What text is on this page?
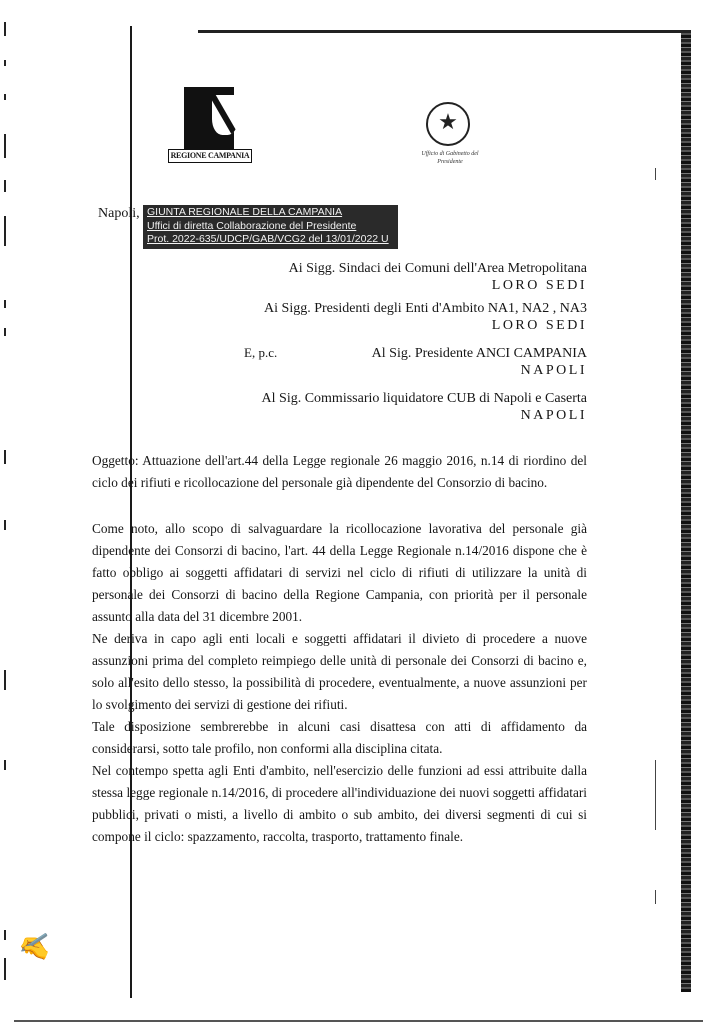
REGIONE CAMPANIA
★
Ufficio di Gabinetto del Presidente
Napoli, GIUNTA REGIONALE DELLA CAMPANIA
Uffici di diretta Collaborazione del Presidente
Prot. 2022-635/UDCP/GAB/VCG2 del 13/01/2022 U
Ai Sigg. Sindaci dei Comuni dell'Area Metropolitana
LORO SEDI
Ai Sigg. Presidenti degli Enti d'Ambito NA1, NA2 , NA3
LORO SEDI
E, p.c.	Al Sig. Presidente ANCI CAMPANIA
NAPOLI
Al Sig. Commissario liquidatore CUB di Napoli e Caserta
NAPOLI

Oggetto: Attuazione dell'art.44 della Legge regionale 26 maggio 2016, n.14 di riordino del ciclo dei rifiuti e ricollocazione del personale già dipendente del Consorzio di bacino.

Come noto, allo scopo di salvaguardare la ricollocazione lavorativa del personale già dipendente dei Consorzi di bacino, l'art. 44 della Legge Regionale n.14/2016 dispone che è fatto obbligo ai soggetti affidatari di servizi nel ciclo di rifiuti di utilizzare la unità di personale dei Consorzi di bacino della Regione Campania, con priorità per il personale assunto alla data del 31 dicembre 2001.

Ne deriva in capo agli enti locali e soggetti affidatari il divieto di procedere a nuove assunzioni prima del completo reimpiego delle unità di personale dei Consorzi di bacino e, solo all'esito dello stesso, la possibilità di procedere, eventualmente, a nuove assunzioni per lo svolgimento dei servizi di gestione dei rifiuti.

Tale disposizione sembrerebbe in alcuni casi disattesa con atti di affidamento da considerarsi, sotto tale profilo, non conformi alla disciplina citata.

Nel contempo spetta agli Enti d'ambito, nell'esercizio delle funzioni ad essi attribuite dalla stessa legge regionale n.14/2016, di procedere all'individuazione dei nuovi soggetti affidatari pubblici, privati o misti, a livello di ambito o sub ambito, dei diversi segmenti di cui si compone il ciclo: spazzamento, raccolta, trasporto, trattamento finale.

✍
